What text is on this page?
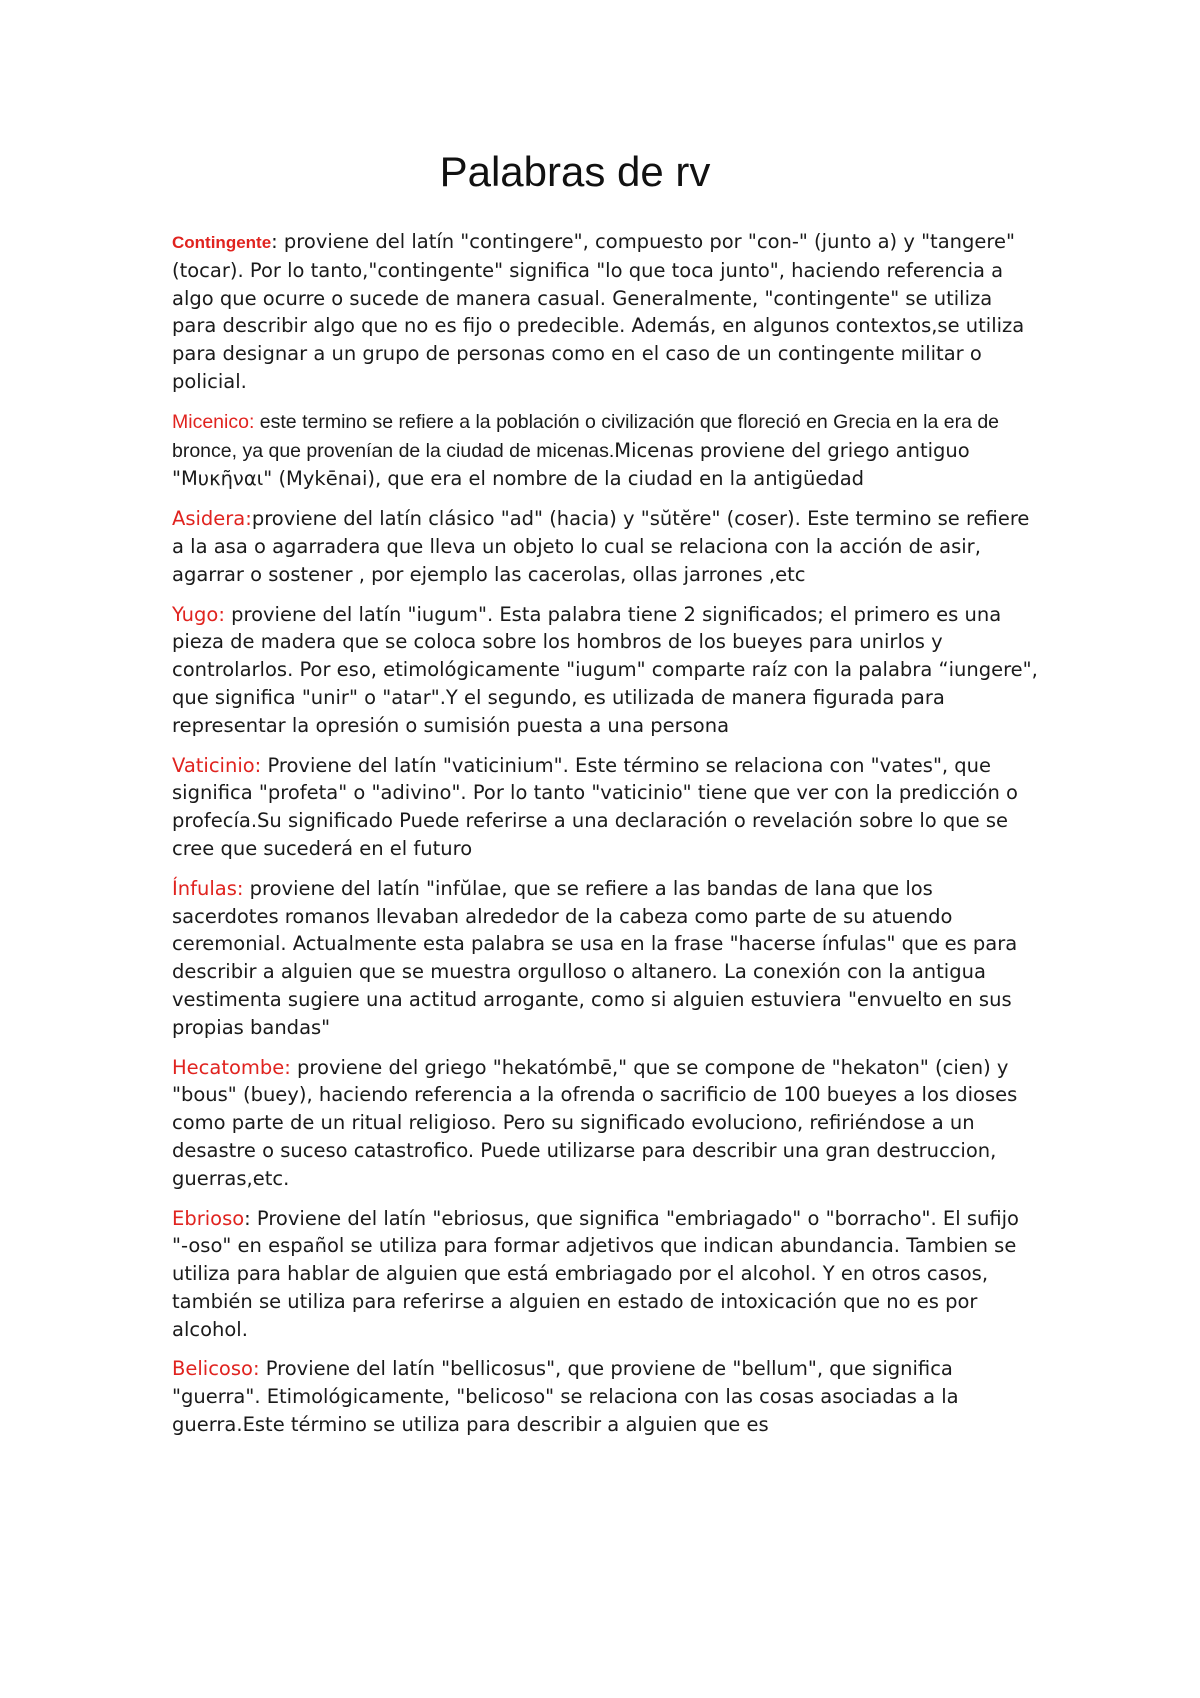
Palabras de rv

Contingente: proviene del latín "contingere", compuesto por "con-" (junto a) y "tangere" (tocar). Por lo tanto,"contingente" significa "lo que toca junto", haciendo referencia a algo que ocurre o sucede de manera casual. Generalmente, "contingente" se utiliza para describir algo que no es fijo o predecible. Además, en algunos contextos,se utiliza para designar a un grupo de personas como en el caso de un contingente militar o policial.

Micenico: este termino se refiere a la población o civilización que floreció en Grecia en la era de bronce, ya que provenían de la ciudad de micenas.Micenas proviene del griego antiguo "Μυκῆναι" (Mykēnai), que era el nombre de la ciudad en la antigüedad

Asidera:proviene del latín clásico "ad" (hacia) y "sŭtĕre" (coser). Este termino se refiere a la asa o agarradera que lleva un objeto lo cual se relaciona con la acción de asir, agarrar o sostener , por ejemplo las cacerolas, ollas jarrones ,etc

Yugo: proviene del latín "iugum". Esta palabra tiene 2 significados; el primero es una pieza de madera que se coloca sobre los hombros de los bueyes para unirlos y controlarlos. Por eso, etimológicamente "iugum" comparte raíz con la palabra “iungere", que significa "unir" o "atar".Y el segundo, es utilizada de manera figurada para representar la opresión o sumisión puesta a una persona

Vaticinio: Proviene del latín "vaticinium". Este término se relaciona con "vates", que significa "profeta" o "adivino". Por lo tanto "vaticinio" tiene que ver con la predicción o profecía.Su significado Puede referirse a una declaración o revelación sobre lo que se cree que sucederá en el futuro

Ínfulas: proviene del latín "infŭlae, que se refiere a las bandas de lana que los sacerdotes romanos llevaban alrededor de la cabeza como parte de su atuendo ceremonial. Actualmente esta palabra se usa en la frase "hacerse ínfulas" que es para describir a alguien que se muestra orgulloso o altanero. La conexión con la antigua vestimenta sugiere una actitud arrogante, como si alguien estuviera "envuelto en sus propias bandas"

Hecatombe: proviene del griego "hekatómbē," que se compone de "hekaton" (cien) y "bous" (buey), haciendo referencia a la ofrenda o sacrificio de 100 bueyes a los dioses como parte de un ritual religioso. Pero su significado evoluciono, refiriéndose a un desastre o suceso catastrofico. Puede utilizarse para describir una gran destruccion, guerras,etc.

Ebrioso: Proviene del latín "ebriosus, que significa "embriagado" o "borracho". El sufijo "-oso" en español se utiliza para formar adjetivos que indican abundancia. Tambien se utiliza para hablar de alguien que está embriagado por el alcohol. Y en otros casos, también se utiliza para referirse a alguien en estado de intoxicación que no es por alcohol.

Belicoso: Proviene del latín "bellicosus", que proviene de "bellum", que significa "guerra". Etimológicamente, "belicoso" se relaciona con las cosas asociadas a la guerra.Este término se utiliza para describir a alguien que es
